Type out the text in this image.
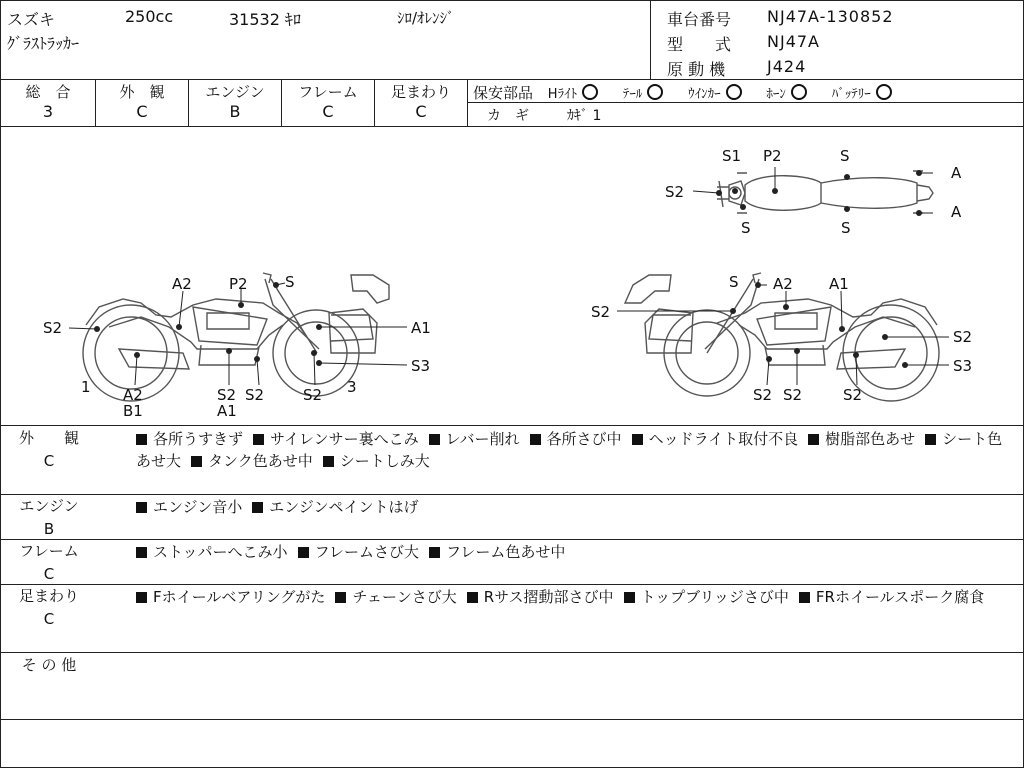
スズキ	250cc	31532 ｷﾛ	ｼﾛ/ｵﾚﾝｼﾞ
ｸﾞﾗｽﾄﾗｯｶｰ
車台番号 NJ47A-130852
型　　式 NJ47A
原 動 機	J424
総　合
3
外　観
C
エンジン
B
フレーム
C
足まわり
C
保安部品 Hﾗｲﾄ	ﾃｰﾙ	ｳｲﾝｶｰ	ﾎｰﾝ	ﾊﾞｯﾃﾘｰ
カ　ギ	ｶｷﾞ 1
A2 P2 S
S2	A1
S3
1 A2
B1
S2
A1
S2	S2 3
S A2 A1
S2
S2
S3
S2 S2	S2
S1 P2	S
S2
S	S
A
A
外　　観
C
各所うすきず サイレンサー裏へこみ レバー削れ 各所さび中 ヘッドライト取付不良 樹脂部色あせ シート色あせ大 タンク色あせ中 シートしみ大
エンジン
B
エンジン音小 エンジンペイントはげ
フレーム
C
ストッパーへこみ小 フレームさび大 フレーム色あせ中
足まわり
C
Fホイールベアリングがた チェーンさび大 Rサス摺動部さび中 トップブリッジさび中 FRホイールスポーク腐食
そ の 他
